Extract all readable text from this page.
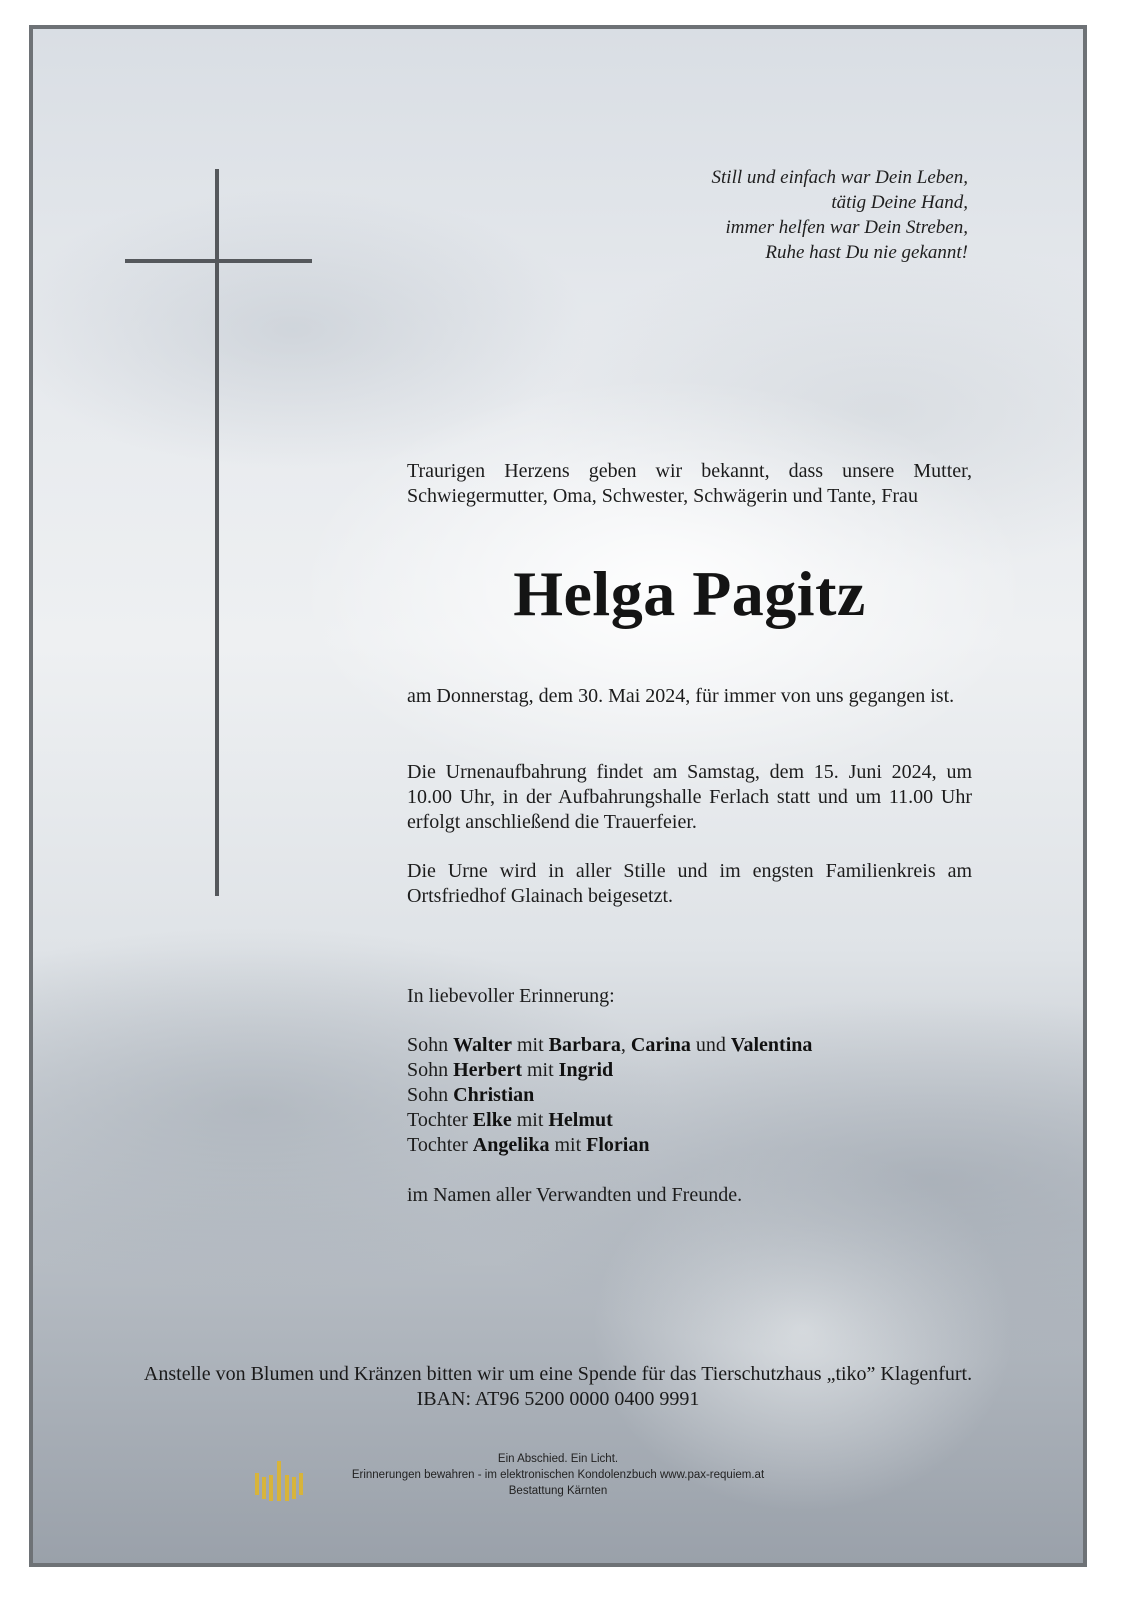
Still und einfach war Dein Leben,
tätig Deine Hand,
immer helfen war Dein Streben,
Ruhe hast Du nie gekannt!
Traurigen Herzens geben wir bekannt, dass unsere Mutter,
Schwiegermutter, Oma, Schwester, Schwägerin und Tante, Frau
Helga Pagitz
am Donnerstag, dem 30. Mai 2024, für immer von uns gegangen ist.
Die Urnenaufbahrung findet am Samstag, dem 15. Juni 2024, um 10.00 Uhr, in der Aufbahrungshalle Ferlach statt und um 11.00 Uhr erfolgt anschließend die Trauerfeier.
Die Urne wird in aller Stille und im engsten Familienkreis am Ortsfriedhof Glainach beigesetzt.
In liebevoller Erinnerung:
Sohn Walter mit Barbara, Carina und Valentina
Sohn Herbert mit Ingrid
Sohn Christian
Tochter Elke mit Helmut
Tochter Angelika mit Florian
im Namen aller Verwandten und Freunde.
Anstelle von Blumen und Kränzen bitten wir um eine Spende für das Tierschutzhaus „tiko” Klagenfurt.
IBAN: AT96 5200 0000 0400 9991
Ein Abschied. Ein Licht.
Erinnerungen bewahren - im elektronischen Kondolenzbuch www.pax-requiem.at
Bestattung Kärnten
